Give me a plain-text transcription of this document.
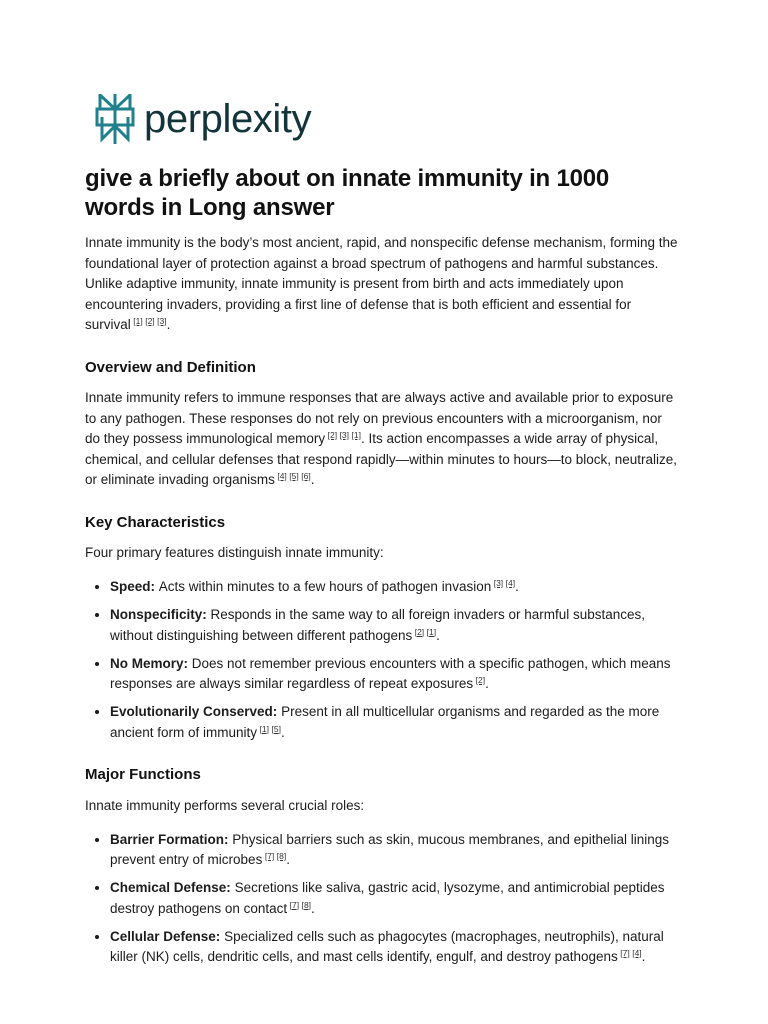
perplexity
give a briefly about on innate immunity in 1000 words in Long answer

Innate immunity is the body’s most ancient, rapid, and nonspecific defense mechanism, forming the foundational layer of protection against a broad spectrum of pathogens and harmful substances. Unlike adaptive immunity, innate immunity is present from birth and acts immediately upon encountering invaders, providing a first line of defense that is both efficient and essential for survival [1] [2] [3].

Overview and Definition

Innate immunity refers to immune responses that are always active and available prior to exposure to any pathogen. These responses do not rely on previous encounters with a microorganism, nor do they possess immunological memory [2] [3] [1]. Its action encompasses a wide array of physical, chemical, and cellular defenses that respond rapidly—within minutes to hours—to block, neutralize, or eliminate invading organisms [4] [5] [6].

Key Characteristics

Four primary features distinguish innate immunity:

• Speed: Acts within minutes to a few hours of pathogen invasion [3] [4].
• Nonspecificity: Responds in the same way to all foreign invaders or harmful substances, without distinguishing between different pathogens [2] [1].
• No Memory: Does not remember previous encounters with a specific pathogen, which means responses are always similar regardless of repeat exposures [2].
• Evolutionarily Conserved: Present in all multicellular organisms and regarded as the more ancient form of immunity [1] [5].
Major Functions

Innate immunity performs several crucial roles:

• Barrier Formation: Physical barriers such as skin, mucous membranes, and epithelial linings prevent entry of microbes [7] [8].
• Chemical Defense: Secretions like saliva, gastric acid, lysozyme, and antimicrobial peptides destroy pathogens on contact [7] [8].
• Cellular Defense: Specialized cells such as phagocytes (macrophages, neutrophils), natural killer (NK) cells, dendritic cells, and mast cells identify, engulf, and destroy pathogens [7] [4].
